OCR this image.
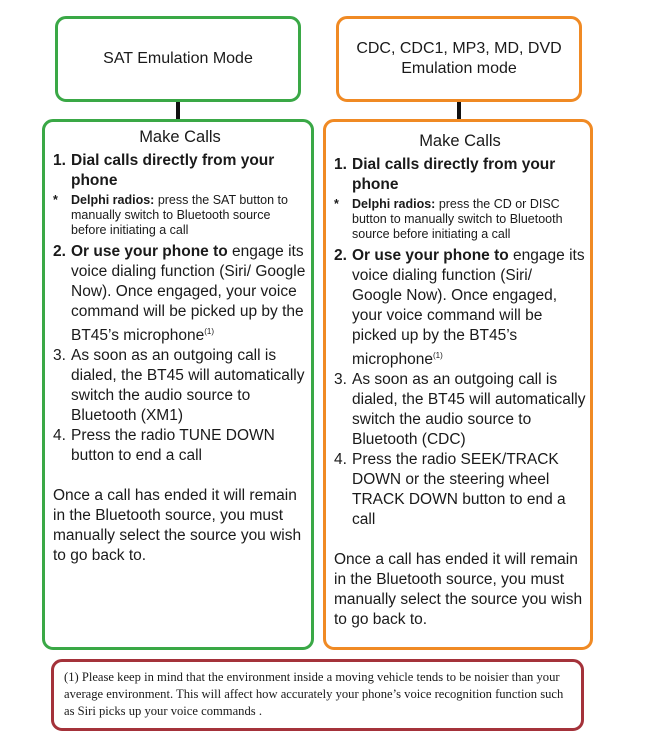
SAT Emulation Mode
CDC, CDC1, MP3, MD, DVD Emulation mode
Make Calls
1. Dial calls directly from your phone
*	Delphi radios: press the SAT button to manually switch to Bluetooth source before initiating a call
2. Or use your phone to engage its voice dialing function (Siri/ Google Now). Once engaged, your voice command will be picked up by the BT45’s microphone$^{(1)}$
3. As soon as an outgoing call is dialed, the BT45 will automatically switch the audio source to Bluetooth (XM1)
4. Press the radio TUNE DOWN button to end a call
Once a call has ended it will remain in the Bluetooth source, you must manually select the source you wish to go back to.
Make Calls
1. Dial calls directly from your phone
*	Delphi radios: press the CD or DISC button to manually switch to Bluetooth source before initiating a call
2. Or use your phone to engage its voice dialing function (Siri/ Google Now). Once engaged, your voice command will be picked up by the BT45’s microphone$^{(1)}$
3. As soon as an outgoing call is dialed, the BT45 will automatically switch the audio source to Bluetooth (CDC)
4. Press the radio SEEK/TRACK DOWN or the steering wheel TRACK DOWN button to end a call
Once a call has ended it will remain in the Bluetooth source, you must manually select the source you wish to go back to.
(1) Please keep in mind that the environment inside a moving vehicle tends to be noisier than your average environment. This will affect how accurately your phone’s voice recognition function such as Siri picks up your voice commands .
